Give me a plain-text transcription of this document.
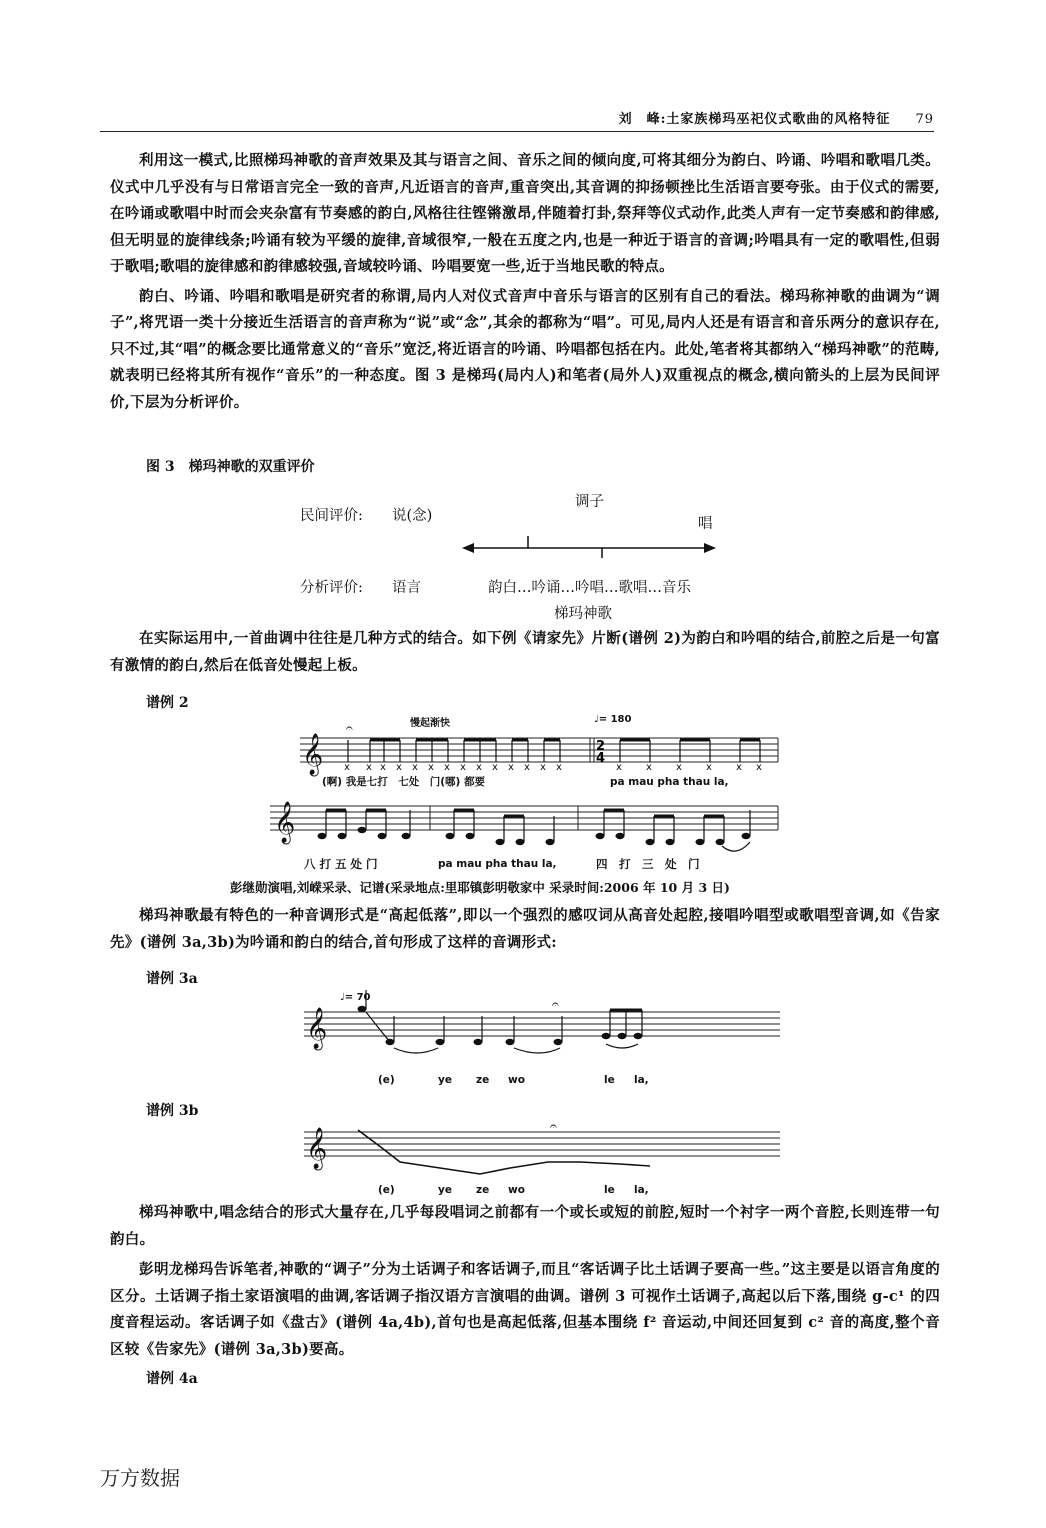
刘　峰:土家族梯玛巫祀仪式歌曲的风格特征 79

利用这一模式,比照梯玛神歌的音声效果及其与语言之间、音乐之间的倾向度,可将其细分为韵白、吟诵、吟唱和歌唱几类。仪式中几乎没有与日常语言完全一致的音声,凡近语言的音声,重音突出,其音调的抑扬顿挫比生活语言要夸张。由于仪式的需要,在吟诵或歌唱中时而会夹杂富有节奏感的韵白,风格往往铿锵激昂,伴随着打卦,祭拜等仪式动作,此类人声有一定节奏感和韵律感,但无明显的旋律线条;吟诵有较为平缓的旋律,音域很窄,一般在五度之内,也是一种近于语言的音调;吟唱具有一定的歌唱性,但弱于歌唱;歌唱的旋律感和韵律感较强,音域较吟诵、吟唱要宽一些,近于当地民歌的特点。

韵白、吟诵、吟唱和歌唱是研究者的称谓,局内人对仪式音声中音乐与语言的区别有自己的看法。梯玛称神歌的曲调为“调子”,将咒语一类十分接近生活语言的音声称为“说”或“念”,其余的都称为“唱”。可见,局内人还是有语言和音乐两分的意识存在,只不过,其“唱”的概念要比通常意义的“音乐”宽泛,将近语言的吟诵、吟唱都包括在内。此处,笔者将其都纳入“梯玛神歌”的范畴,就表明已经将其所有视作“音乐”的一种态度。图 3 是梯玛(局内人)和笔者(局外人)双重视点的概念,横向箭头的上层为民间评价,下层为分析评价。

图 3　梯玛神歌的双重评价
民间评价: 说(念)
调子
唱
分析评价: 语言	韵白…吟诵…吟唱…歌唱…音乐
梯玛神歌

在实际运用中,一首曲调中往往是几种方式的结合。如下例《请家先》片断(谱例 2)为韵白和吟唱的结合,前腔之后是一句富有激情的韵白,然后在低音处慢起上板。

谱例 2
慢起渐快	♩= 180
𝄞	2
4
𝄐
x x x x x x x x x x x x x x	x x x x x x
𝄞
(啊) 我是七打　七处　门(哪) 都要	pa mau pha thau la,
八 打 五 处 门	pa mau pha thau la,	四　打　三　处　门
彭继勋演唱,刘嵘采录、记谱(采录地点:里耶镇彭明敬家中 采录时间:2006 年 10 月 3 日)

梯玛神歌最有特色的一种音调形式是“高起低落”,即以一个强烈的感叹词从高音处起腔,接唱吟唱型或歌唱型音调,如《告家先》(谱例 3a,3b)为吟诵和韵白的结合,首句形成了这样的音调形式:

谱例 3a
♩= 70
𝄞
𝄐
(e)	ye ze wo	le la,
谱例 3b
𝄞
𝄐
(e)	ye ze wo	le la,

梯玛神歌中,唱念结合的形式大量存在,几乎每段唱词之前都有一个或长或短的前腔,短时一个衬字一两个音腔,长则连带一句韵白。

彭明龙梯玛告诉笔者,神歌的“调子”分为土话调子和客话调子,而且“客话调子比土话调子要高一些。”这主要是以语言角度的区分。土话调子指土家语演唱的曲调,客话调子指汉语方言演唱的曲调。谱例 3 可视作土话调子,高起以后下落,围绕 g-c¹ 的四度音程运动。客话调子如《盘古》(谱例 4a,4b),首句也是高起低落,但基本围绕 f² 音运动,中间还回复到 c² 音的高度,整个音区较《告家先》(谱例 3a,3b)要高。

谱例 4a
万方数据
